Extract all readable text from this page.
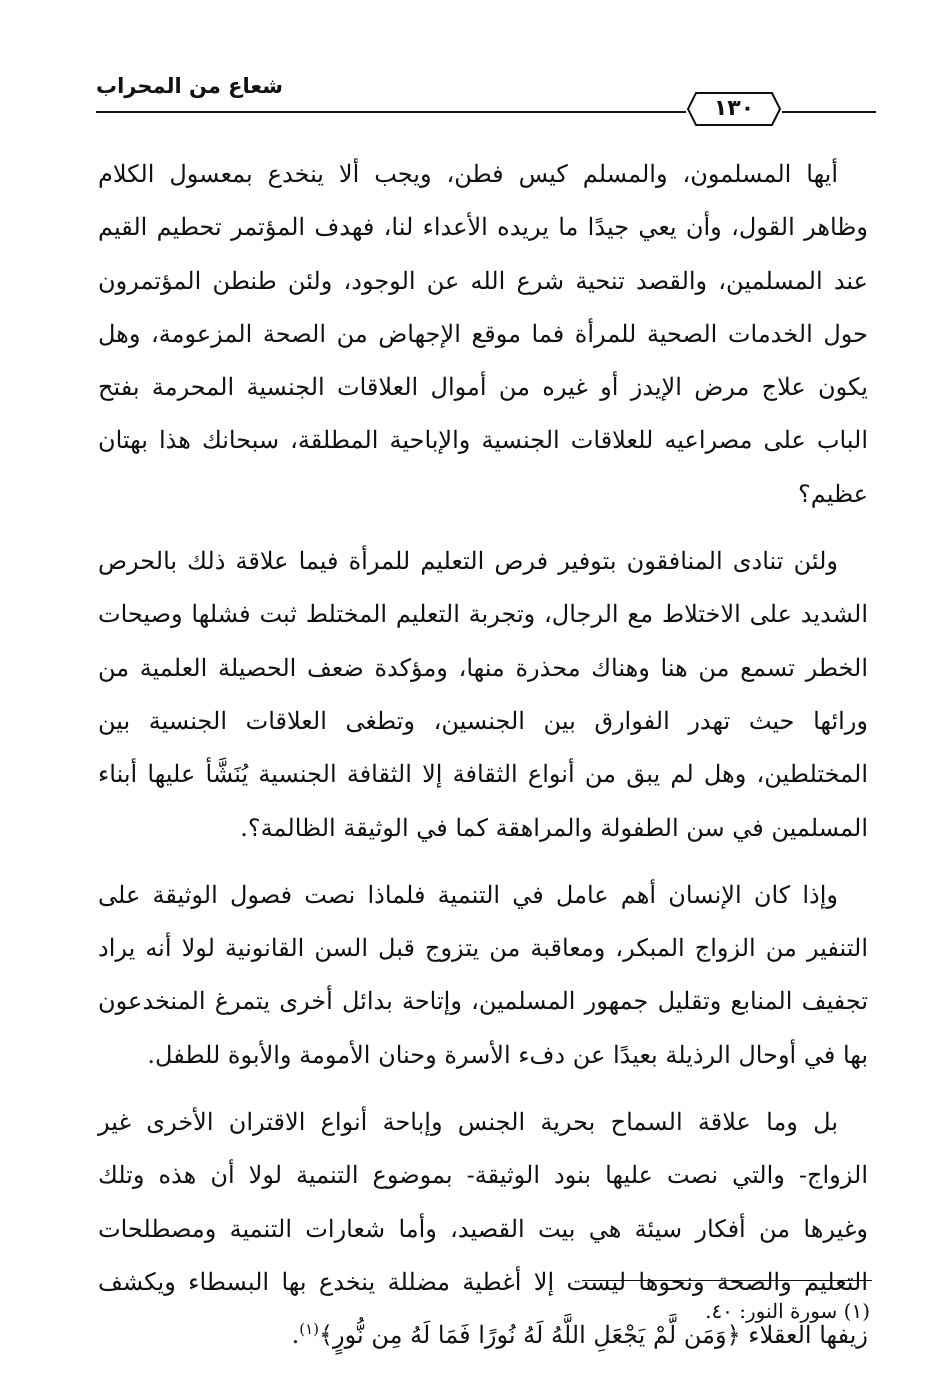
شعاع من المحراب
١٣٠

أيها المسلمون، والمسلم كيس فطن، ويجب ألا ينخدع بمعسول الكلام وظاهر القول، وأن يعي جيدًا ما يريده الأعداء لنا، فهدف المؤتمر تحطيم القيم عند المسلمين، والقصد تنحية شرع الله عن الوجود، ولئن طنطن المؤتمرون حول الخدمات الصحية للمرأة فما موقع الإجهاض من الصحة المزعومة، وهل يكون علاج مرض الإيدز أو غيره من أموال العلاقات الجنسية المحرمة بفتح الباب على مصراعيه للعلاقات الجنسية والإباحية المطلقة، سبحانك هذا بهتان عظيم؟

ولئن تنادى المنافقون بتوفير فرص التعليم للمرأة فيما علاقة ذلك بالحرص الشديد على الاختلاط مع الرجال، وتجربة التعليم المختلط ثبت فشلها وصيحات الخطر تسمع من هنا وهناك محذرة منها، ومؤكدة ضعف الحصيلة العلمية من ورائها حيث تهدر الفوارق بين الجنسين، وتطغى العلاقات الجنسية بين المختلطين، وهل لم يبق من أنواع الثقافة إلا الثقافة الجنسية يُنَشَّأ عليها أبناء المسلمين في سن الطفولة والمراهقة كما في الوثيقة الظالمة؟.

وإذا كان الإنسان أهم عامل في التنمية فلماذا نصت فصول الوثيقة على التنفير من الزواج المبكر، ومعاقبة من يتزوج قبل السن القانونية لولا أنه يراد تجفيف المنابع وتقليل جمهور المسلمين، وإتاحة بدائل أخرى يتمرغ المنخدعون بها في أوحال الرذيلة بعيدًا عن دفء الأسرة وحنان الأمومة والأبوة للطفل.

بل وما علاقة السماح بحرية الجنس وإباحة أنواع الاقتران الأخرى غير الزواج- والتي نصت عليها بنود الوثيقة- بموضوع التنمية لولا أن هذه وتلك وغيرها من أفكار سيئة هي بيت القصيد، وأما شعارات التنمية ومصطلحات التعليم والصحة ونحوها ليست إلا أغطية مضللة ينخدع بها البسطاء ويكشف زيفها العقلاء ﴿وَمَن لَّمْ يَجْعَلِ اللَّهُ لَهُ نُورًا فَمَا لَهُ مِن نُّورٍ﴾$^{(١)}$.

(١) سورة النور: ٤٠.
